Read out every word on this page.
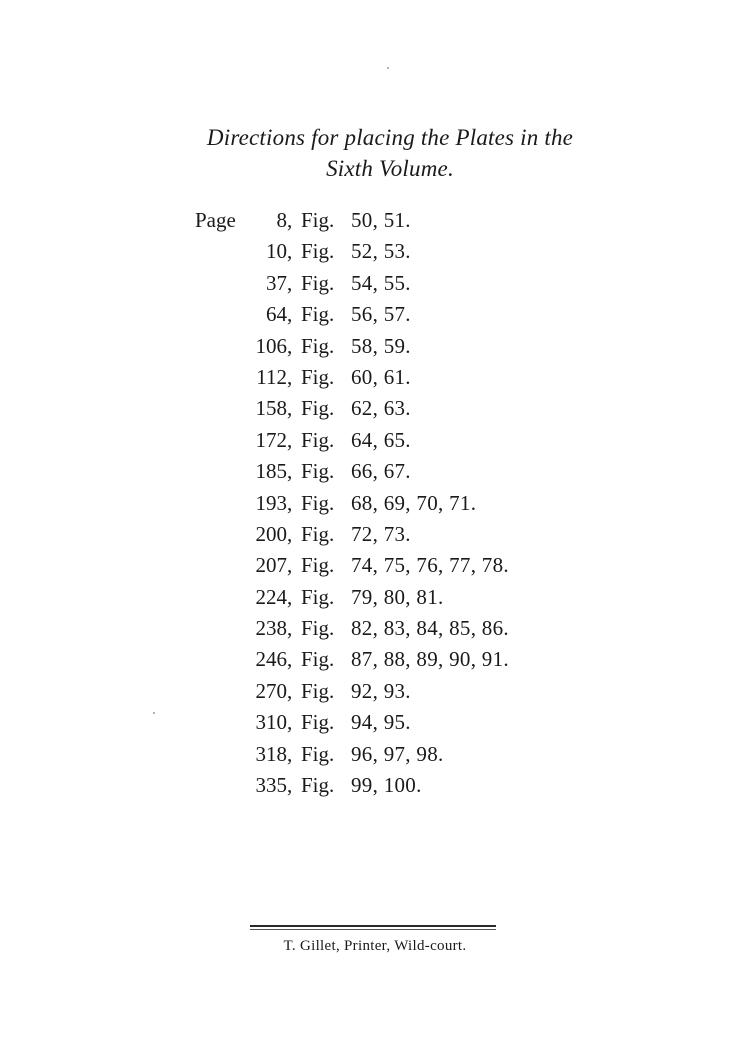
Directions for placing the Plates in the
Sixth Volume.
Page	8 , Fig. 50, 51.
10 , Fig. 52, 53.
37 , Fig. 54, 55.
64 , Fig. 56, 57.
106 , Fig. 58, 59.
112 , Fig. 60, 61.
158 , Fig. 62, 63.
172 , Fig. 64, 65.
185 , Fig. 66, 67.
193 , Fig. 68, 69, 70, 71.
200 , Fig. 72, 73.
207 , Fig. 74, 75, 76, 77, 78.
224 , Fig. 79, 80, 81.
238 , Fig. 82, 83, 84, 85, 86.
246 , Fig. 87, 88, 89, 90, 91.
270 , Fig. 92, 93.
310 , Fig. 94, 95.
318 , Fig. 96, 97, 98.
335 , Fig. 99, 100.
T. Gillet, Printer, Wild-court.
